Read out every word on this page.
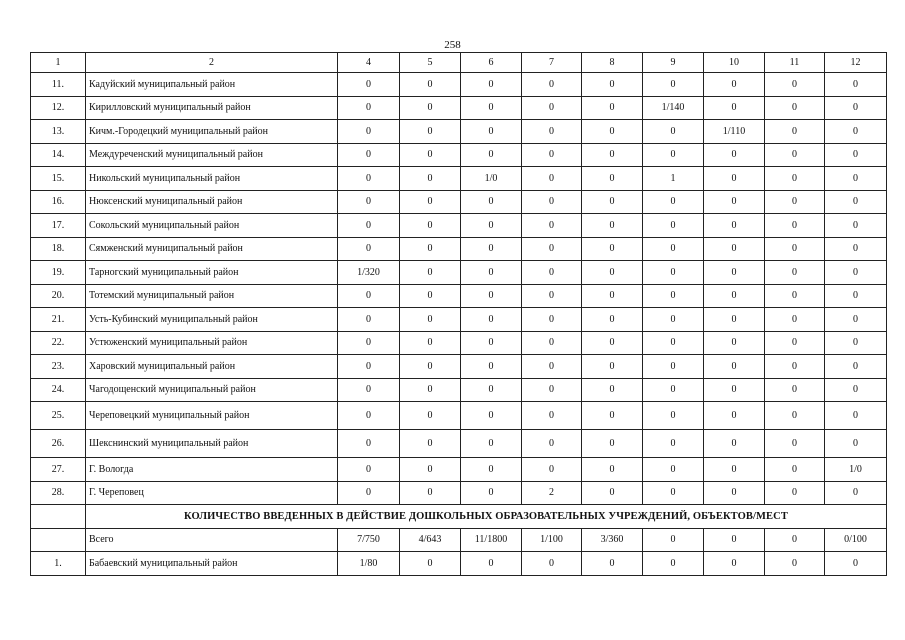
258
1	2	4	5	6	7	8	9	10	11	12
11.	Кадуйский муниципальный район	0	0	0	0	0	0	0	0	0
12.	Кирилловский муниципальный район	0	0	0	0	0	1/140	0	0	0
13.	Кичм.-Городецкий муниципальный район	0	0	0	0	0	0	1/110	0	0
14.	Междуреченский муниципальный район	0	0	0	0	0	0	0	0	0
15.	Никольский муниципальный район	0	0	1/0	0	0	1	0	0	0
16.	Нюксенский муниципальный район	0	0	0	0	0	0	0	0	0
17.	Сокольский муниципальный район	0	0	0	0	0	0	0	0	0
18.	Сямженский муниципальный район	0	0	0	0	0	0	0	0	0
19.	Тарногский муниципальный район	1/320	0	0	0	0	0	0	0	0
20.	Тотемский муниципальный район	0	0	0	0	0	0	0	0	0
21.	Усть-Кубинский муниципальный район	0	0	0	0	0	0	0	0	0
22.	Устюженский муниципальный район	0	0	0	0	0	0	0	0	0
23.	Харовский муниципальный район	0	0	0	0	0	0	0	0	0
24.	Чагодощенский муниципальный район	0	0	0	0	0	0	0	0	0
25.	Череповецкий муниципальный район	0	0	0	0	0	0	0	0	0
26.	Шекснинский муниципальный район	0	0	0	0	0	0	0	0	0
27.	Г. Вологда	0	0	0	0	0	0	0	0	1/0
28.	Г. Череповец	0	0	0	2	0	0	0	0	0
	КОЛИЧЕСТВО ВВЕДЕННЫХ В ДЕЙСТВИЕ ДОШКОЛЬНЫХ ОБРАЗОВАТЕЛЬНЫХ УЧРЕЖДЕНИЙ, ОБЪЕКТОВ/МЕСТ									
	Всего	7/750	4/643	11/1800	1/100	3/360	0	0	0	0/100
1.	Бабаевский муниципальный район	1/80	0	0	0	0	0	0	0	0
